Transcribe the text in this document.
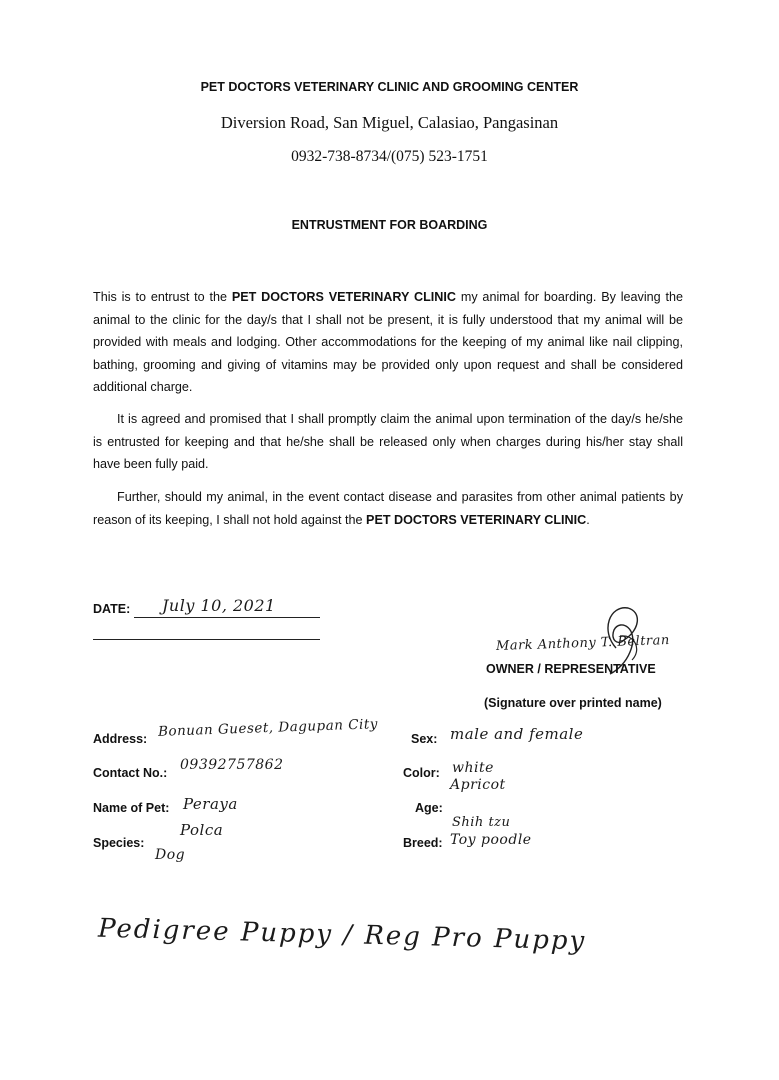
PET DOCTORS VETERINARY CLINIC AND GROOMING CENTER
Diversion Road, San Miguel, Calasiao, Pangasinan
0932-738-8734/(075) 523-1751
ENTRUSTMENT FOR BOARDING
This is to entrust to the PET DOCTORS VETERINARY CLINIC my animal for boarding. By leaving the animal to the clinic for the day/s that I shall not be present, it is fully understood that my animal will be provided with meals and lodging. Other accommodations for the keeping of my animal like nail clipping, bathing, grooming and giving of vitamins may be provided only upon request and shall be considered additional charge.
It is agreed and promised that I shall promptly claim the animal upon termination of the day/s he/she is entrusted for keeping and that he/she shall be released only when charges during his/her stay shall have been fully paid.
Further, should my animal, in the event contact disease and parasites from other animal patients by reason of its keeping, I shall not hold against the PET DOCTORS VETERINARY CLINIC.
DATE: July 10, 2021
Mark Anthony T. Beltran
OWNER / REPRESENTATIVE
(Signature over printed name)
Address: Bonuan Gueset, Dagupan City	Sex: male and female
Contact No.: 09392757862	Color: white
Apricot
Name of Pet: Peraya
Polca
Age:
Species:
Dog
Breed:
Shih tzu
Toy poodle
Pedigree Puppy / Reg Pro Puppy
